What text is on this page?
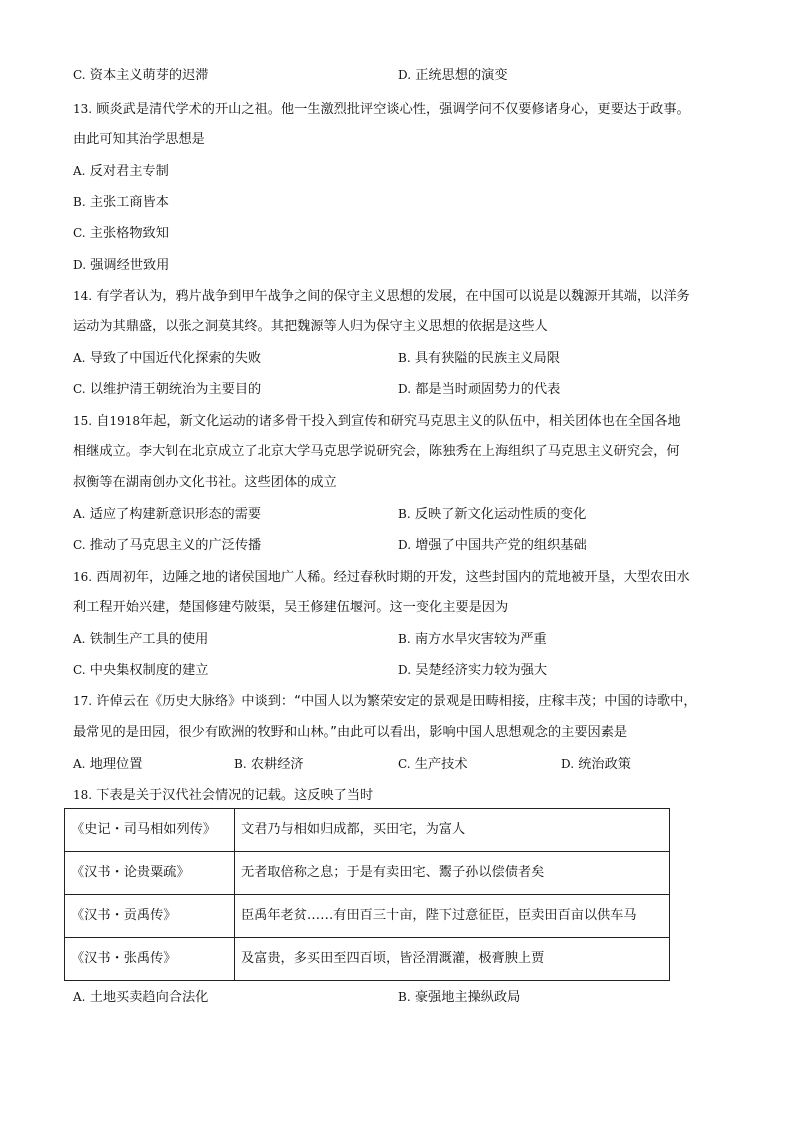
C. 资本主义萌芽的迟滞	D. 正统思想的演变
13. 顾炎武是清代学术的开山之祖。他一生激烈批评空谈心性，强调学问不仅要修诸身心，更要达于政事。
由此可知其治学思想是
A. 反对君主专制
B. 主张工商皆本
C. 主张格物致知
D. 强调经世致用
14. 有学者认为，鸦片战争到甲午战争之间的保守主义思想的发展，在中国可以说是以魏源开其端，以洋务
运动为其鼎盛，以张之洞莫其终。其把魏源等人归为保守主义思想的依据是这些人
A. 导致了中国近代化探索的失败	B. 具有狭隘的民族主义局限
C. 以维护清王朝统治为主要目的	D. 都是当时顽固势力的代表
15. 自1918年起，新文化运动的诸多骨干投入到宣传和研究马克思主义的队伍中，相关团体也在全国各地
相继成立。李大钊在北京成立了北京大学马克思学说研究会，陈独秀在上海组织了马克思主义研究会，何
叔衡等在湖南创办文化书社。这些团体的成立
A. 适应了构建新意识形态的需要	B. 反映了新文化运动性质的变化
C. 推动了马克思主义的广泛传播	D. 增强了中国共产党的组织基础
16. 西周初年，边陲之地的诸侯国地广人稀。经过春秋时期的开发，这些封国内的荒地被开垦，大型农田水
利工程开始兴建，楚国修建芍陂渠，吴王修建伍堰河。这一变化主要是因为
A. 铁制生产工具的使用	B. 南方水旱灾害较为严重
C. 中央集权制度的建立	D. 吴楚经济实力较为强大
17. 许倬云在《历史大脉络》中谈到：“中国人以为繁荣安定的景观是田畴相接，庄稼丰茂；中国的诗歌中，
最常见的是田园，很少有欧洲的牧野和山林。”由此可以看出，影响中国人思想观念的主要因素是
A. 地理位置	B. 农耕经济	C. 生产技术	D. 统治政策
18. 下表是关于汉代社会情况的记载。这反映了当时
《史记・司马相如列传》	文君乃与相如归成都，买田宅，为富人
《汉书・论贵粟疏》	无者取倍称之息；于是有卖田宅、鬻子孙以偿债者矣
《汉书・贡禹传》	臣禹年老贫……有田百三十亩，陛下过意征臣，臣卖田百亩以供车马
《汉书・张禹传》	及富贵，多买田至四百顷，皆泾渭溉灌，极膏腴上贾
A. 土地买卖趋向合法化	B. 豪强地主操纵政局
